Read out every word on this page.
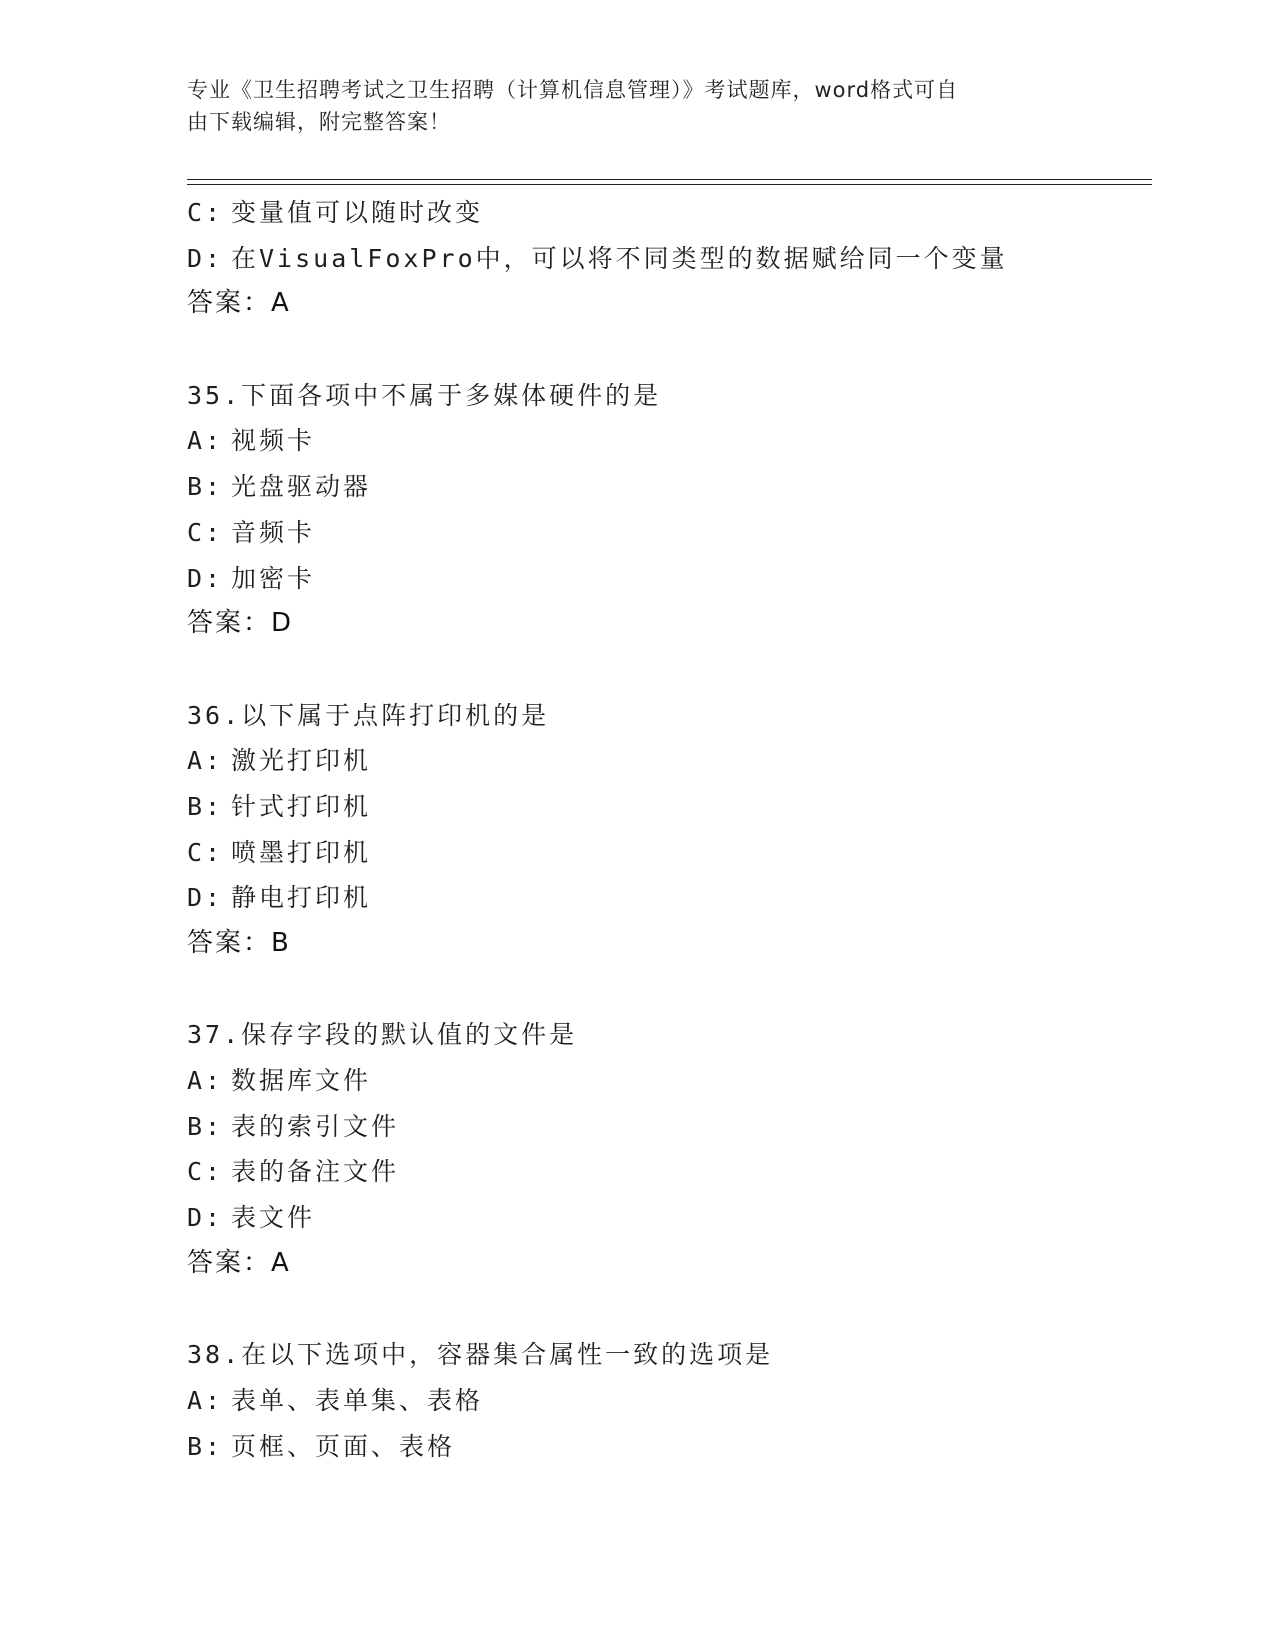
专业《卫生招聘考试之卫生招聘（计算机信息管理）》考试题库，word格式可自
由下载编辑，附完整答案！
C: 变量值可以随时改变
D: 在VisualFoxPro中，可以将不同类型的数据赋给同一个变量
答案：A
35.下面各项中不属于多媒体硬件的是
A: 视频卡
B: 光盘驱动器
C: 音频卡
D: 加密卡
答案：D
36.以下属于点阵打印机的是
A: 激光打印机
B: 针式打印机
C: 喷墨打印机
D: 静电打印机
答案：B
37.保存字段的默认值的文件是
A: 数据库文件
B: 表的索引文件
C: 表的备注文件
D: 表文件
答案：A
38.在以下选项中，容器集合属性一致的选项是
A: 表单、表单集、表格
B: 页框、页面、表格
